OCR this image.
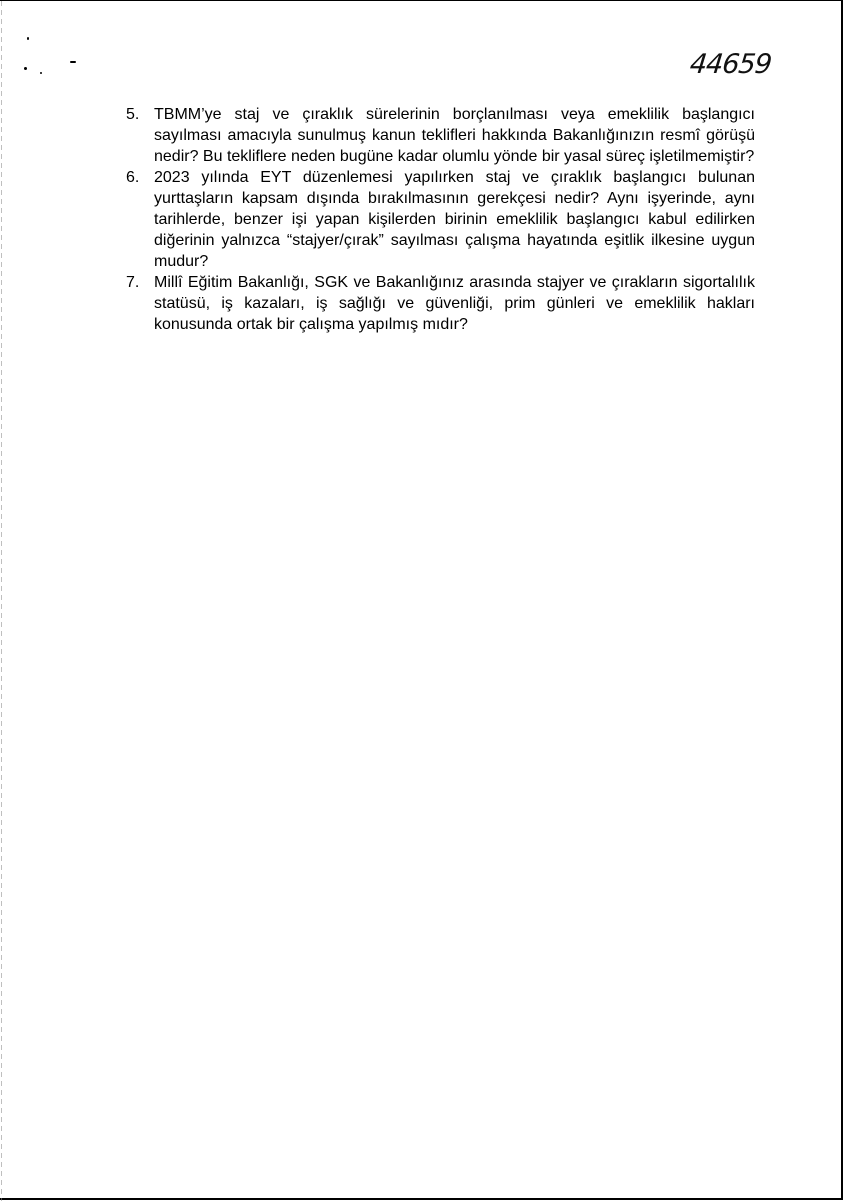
44659
5. TBMM’ye staj ve çıraklık sürelerinin borçlanılması veya emeklilik başlangıcı sayılması amacıyla sunulmuş kanun teklifleri hakkında Bakanlığınızın resmî görüşü nedir? Bu tekliflere neden bugüne kadar olumlu yönde bir yasal süreç işletilmemiştir?
6. 2023 yılında EYT düzenlemesi yapılırken staj ve çıraklık başlangıcı bulunan yurttaşların kapsam dışında bırakılmasının gerekçesi nedir? Aynı işyerinde, aynı tarihlerde, benzer işi yapan kişilerden birinin emeklilik başlangıcı kabul edilirken diğerinin yalnızca “stajyer/çırak” sayılması çalışma hayatında eşitlik ilkesine uygun mudur?
7. Millî Eğitim Bakanlığı, SGK ve Bakanlığınız arasında stajyer ve çırakların sigortalılık statüsü, iş kazaları, iş sağlığı ve güvenliği, prim günleri ve emeklilik hakları konusunda ortak bir çalışma yapılmış mıdır?
